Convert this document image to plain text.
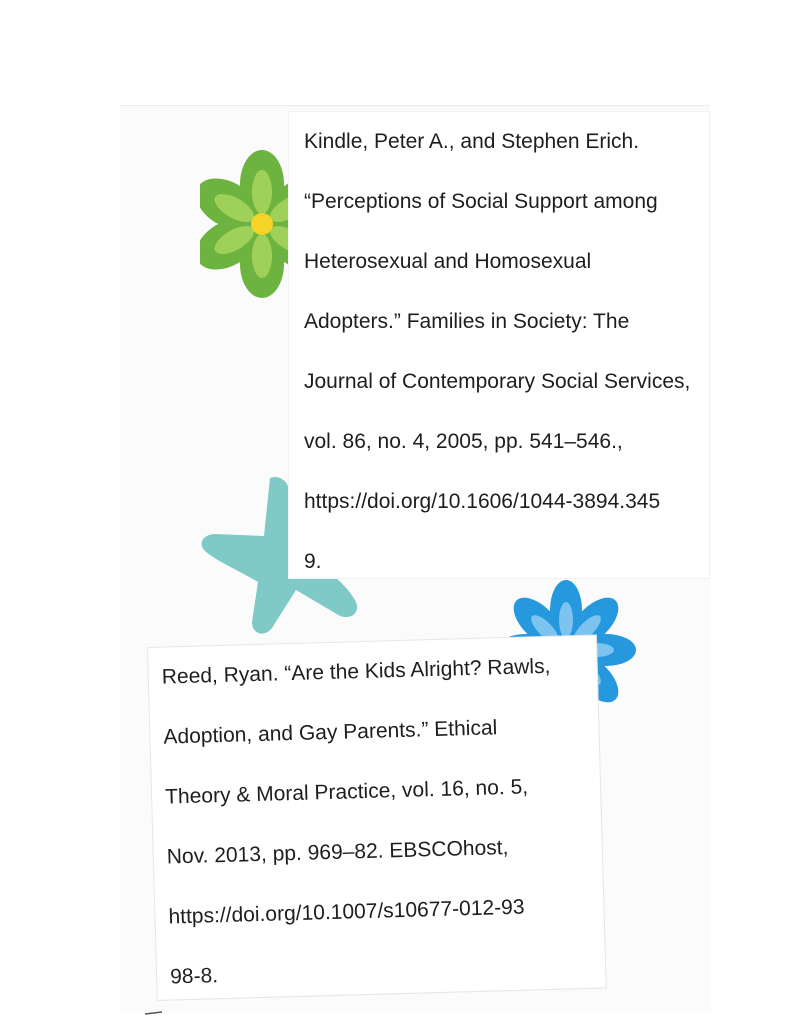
Kindle, Peter A., and Stephen Erich.
“Perceptions of Social Support among
Heterosexual and Homosexual
Adopters.” Families in Society: The
Journal of Contemporary Social Services,
vol. 86, no. 4, 2005, pp. 541–546.,
https://doi.org/10.1606/1044-3894.345
9.
Reed, Ryan. “Are the Kids Alright? Rawls,
Adoption, and Gay Parents.” Ethical
Theory & Moral Practice, vol. 16, no. 5,
Nov. 2013, pp. 969–82. EBSCOhost,
https://doi.org/10.1007/s10677-012-93
98-8.
